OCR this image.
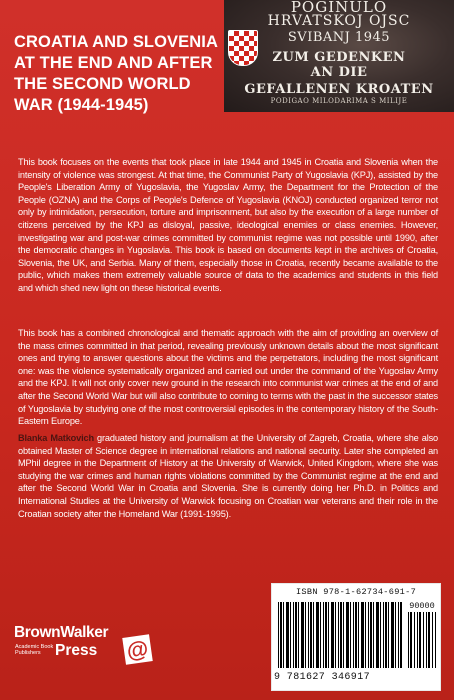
CROATIA AND SLOVENIA
AT THE END AND AFTER
THE SECOND WORLD
WAR (1944-1945)
POGINULO
HRVATSKOJ OJSC
SVIBANJ 1945
ZUM GEDENKEN
AN DIE
GEFALLENEN KROATEN
PODIGAO MILODARIMA S MILIJE

This book focuses on the events that took place in late 1944 and 1945 in Croatia and Slovenia when the intensity of violence was strongest. At that time, the Communist Party of Yugoslavia (KPJ), assisted by the People's Liberation Army of Yugoslavia, the Yugoslav Army, the Department for the Protection of the People (OZNA) and the Corps of People's Defence of Yugoslavia (KNOJ) conducted organized terror not only by intimidation, persecution, torture and imprisonment, but also by the execution of a large number of citizens perceived by the KPJ as disloyal, passive, ideological enemies or class enemies. However, investigating war and post-war crimes committed by communist regime was not possible until 1990, after the democratic changes in Yugoslavia. This book is based on documents kept in the archives of Croatia, Slovenia, the UK, and Serbia. Many of them, especially those in Croatia, recently became available to the public, which makes them extremely valuable source of data to the academics and students in this field and which shed new light on these historical events.

This book has a combined chronological and thematic approach with the aim of providing an overview of the mass crimes committed in that period, revealing previously unknown details about the most significant ones and trying to answer questions about the victims and the perpetrators, including the most significant one: was the violence systematically organized and carried out under the command of the Yugoslav Army and the KPJ. It will not only cover new ground in the research into communist war crimes at the end of and after the Second World War but will also contribute to coming to terms with the past in the successor states of Yugoslavia by studying one of the most controversial episodes in the contemporary history of the South-Eastern Europe.

Blanka Matkovich graduated history and journalism at the University of Zagreb, Croatia, where she also obtained Master of Science degree in international relations and national security. Later she completed an MPhil degree in the Department of History at the University of Warwick, United Kingdom, where she was studying the war crimes and human rights violations committed by the Communist regime at the end and after the Second World War in Croatia and Slovenia. She is currently doing her Ph.D. in Politics and International Studies at the University of Warwick focusing on Croatian war veterans and their role in the Croatian society after the Homeland War (1991-1995).

BrownWalker
Academic Book
Publishers Press @
ISBN 978-1-62734-691-7
90000
9 781627 346917
